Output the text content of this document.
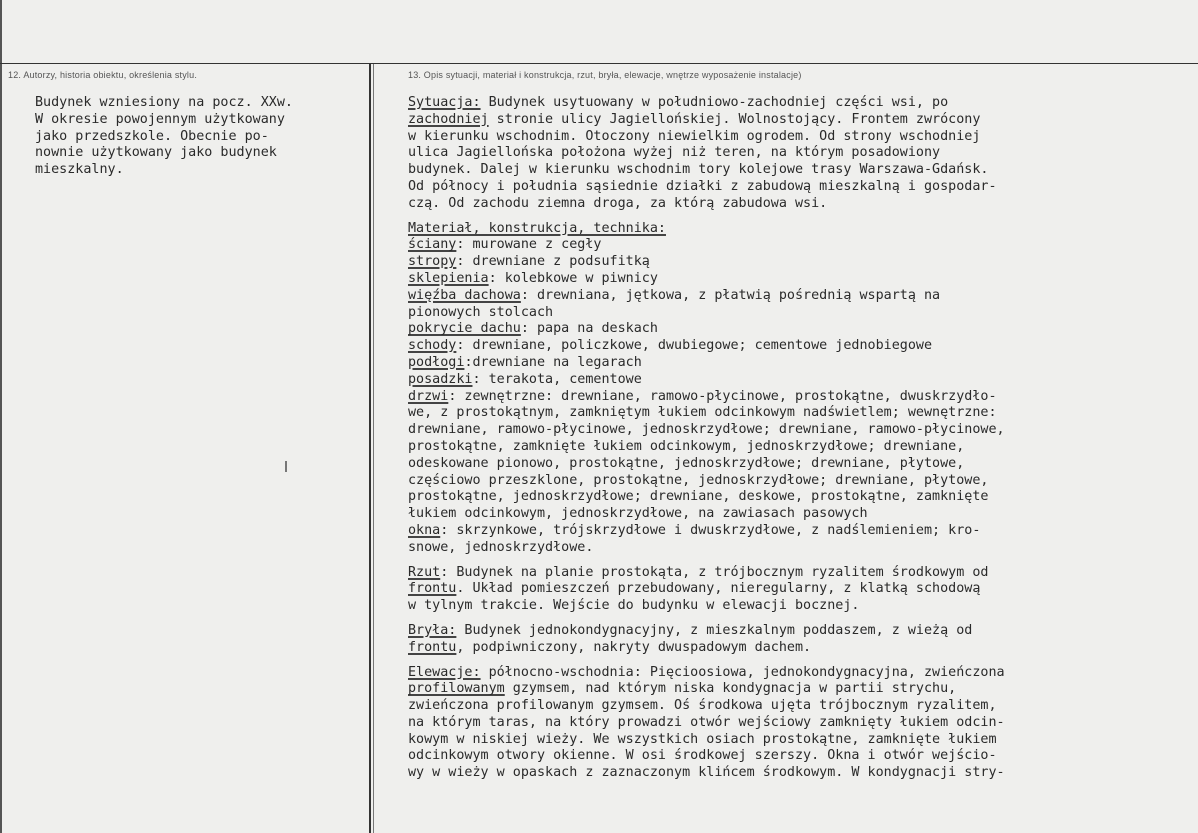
12. Autorzy, historia obiektu, określenia stylu.	13. Opis sytuacji, materiał i konstrukcja, rzut, bryła, elewacje, wnętrze wyposażenie instalacje)
Budynek wzniesiony na pocz. XXw.
W okresie powojennym użytkowany
jako przedszkole. Obecnie po-
nownie użytkowany jako budynek
mieszkalny.
Sytuacja: Budynek usytuowany w południowo-zachodniej części wsi, po
zachodniej stronie ulicy Jagiellońskiej. Wolnostojący. Frontem zwrócony
w kierunku wschodnim. Otoczony niewielkim ogrodem. Od strony wschodniej
ulica Jagiellońska położona wyżej niż teren, na którym posadowiony
budynek. Dalej w kierunku wschodnim tory kolejowe trasy Warszawa-Gdańsk.
Od północy i południa sąsiednie działki z zabudową mieszkalną i gospodar-
czą. Od zachodu ziemna droga, za którą zabudowa wsi.
Materiał, konstrukcja, technika:
ściany: murowane z cegły
stropy: drewniane z podsufitką
sklepienia: kolebkowe w piwnicy
więźba dachowa: drewniana, jętkowa, z płatwią pośrednią wspartą na
pionowych stolcach
pokrycie dachu: papa na deskach
schody: drewniane, policzkowe, dwubiegowe; cementowe jednobiegowe
podłogi:drewniane na legarach
posadzki: terakota, cementowe
drzwi: zewnętrzne: drewniane, ramowo-płycinowe, prostokątne, dwuskrzydło-
we, z prostokątnym, zamkniętym łukiem odcinkowym nadświetlem; wewnętrzne:
drewniane, ramowo-płycinowe, jednoskrzydłowe; drewniane, ramowo-płycinowe,
prostokątne, zamknięte łukiem odcinkowym, jednoskrzydłowe; drewniane,
odeskowane pionowo, prostokątne, jednoskrzydłowe; drewniane, płytowe,
częściowo przeszklone, prostokątne, jednoskrzydłowe; drewniane, płytowe,
prostokątne, jednoskrzydłowe; drewniane, deskowe, prostokątne, zamknięte
łukiem odcinkowym, jednoskrzydłowe, na zawiasach pasowych
okna: skrzynkowe, trójskrzydłowe i dwuskrzydłowe, z nadślemieniem; kro-
snowe, jednoskrzydłowe.
Rzut: Budynek na planie prostokąta, z trójbocznym ryzalitem środkowym od
frontu. Układ pomieszczeń przebudowany, nieregularny, z klatką schodową
w tylnym trakcie. Wejście do budynku w elewacji bocznej.
Bryła: Budynek jednokondygnacyjny, z mieszkalnym poddaszem, z wieżą od
frontu, podpiwniczony, nakryty dwuspadowym dachem.
Elewacje: północno-wschodnia: Pięcioosiowa, jednokondygnacyjna, zwieńczona
profilowanym gzymsem, nad którym niska kondygnacja w partii strychu,
zwieńczona profilowanym gzymsem. Oś środkowa ujęta trójbocznym ryzalitem,
na którym taras, na który prowadzi otwór wejściowy zamknięty łukiem odcin-
kowym w niskiej wieży. We wszystkich osiach prostokątne, zamknięte łukiem
odcinkowym otwory okienne. W osi środkowej szerszy. Okna i otwór wejścio-
wy w wieży w opaskach z zaznaczonym klińcem środkowym. W kondygnacji stry-
